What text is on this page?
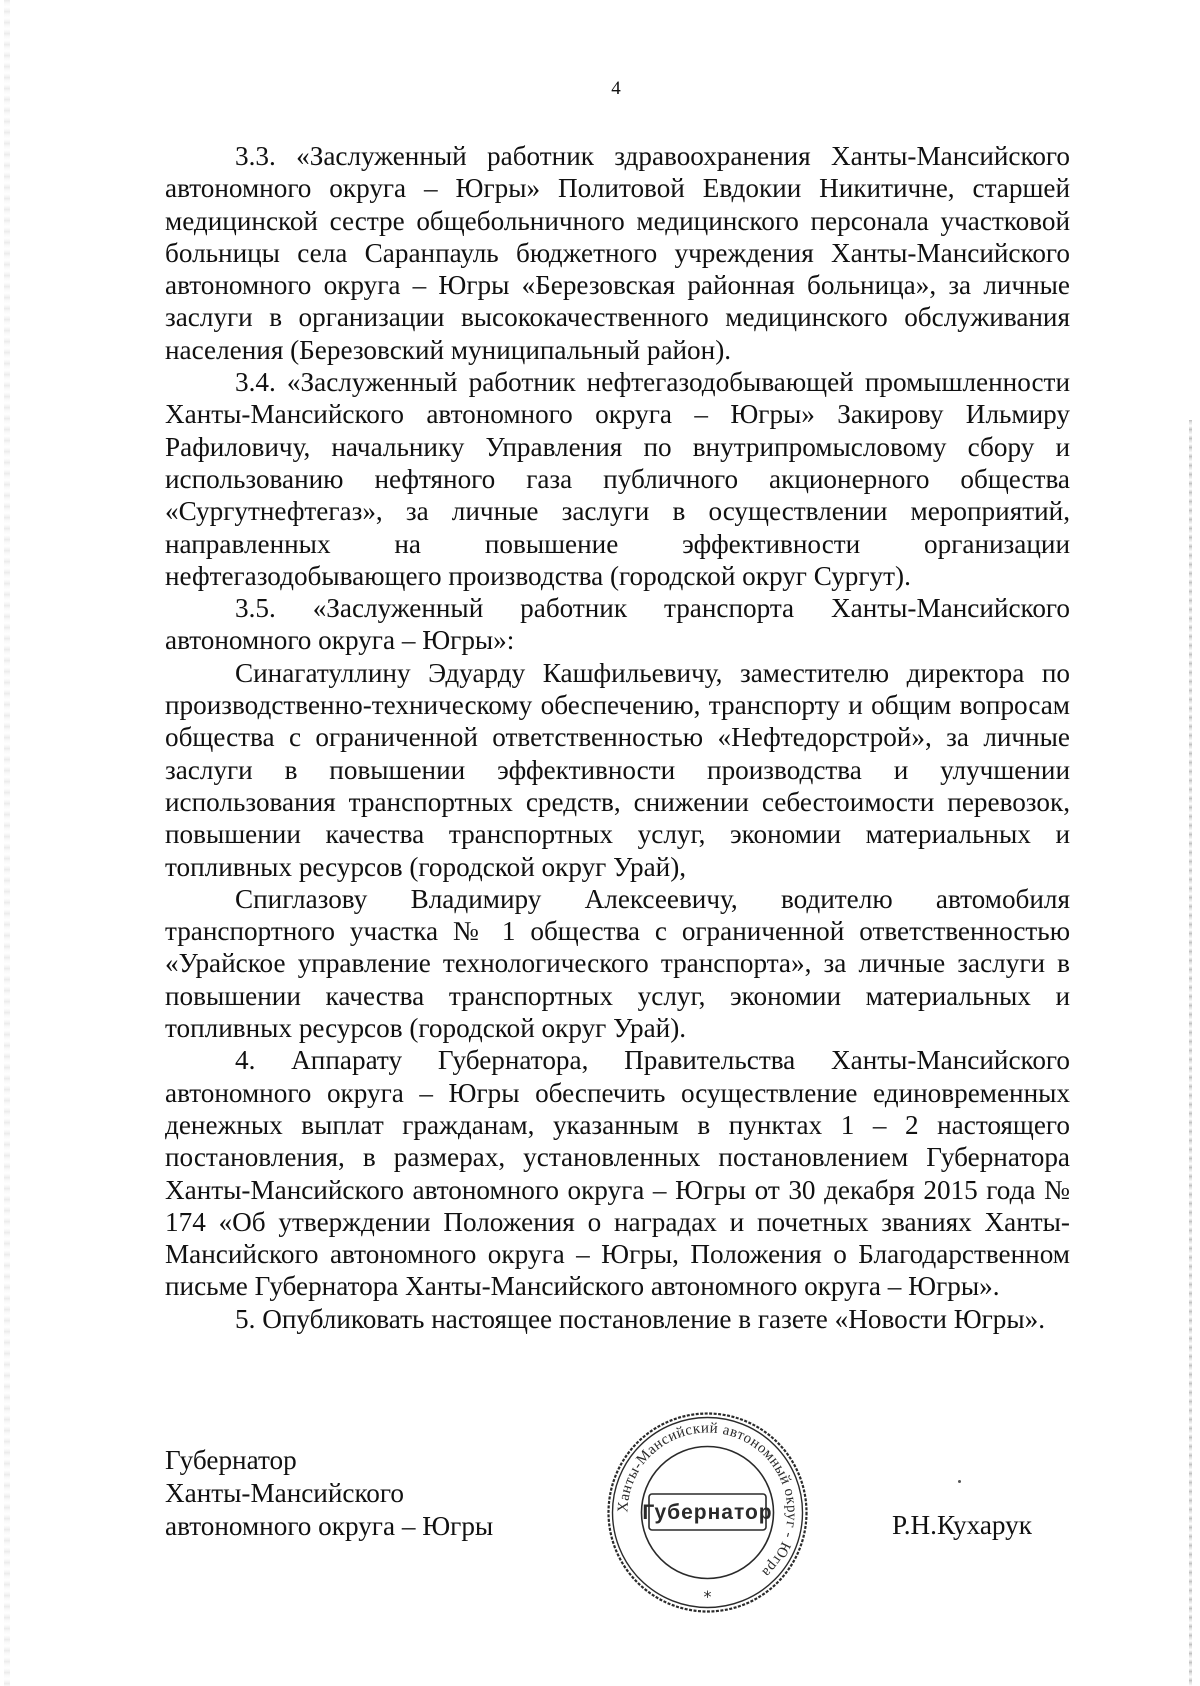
4

3.3. «Заслуженный работник здравоохранения Ханты-Мансийского автономного округа – Югры» Политовой Евдокии Никитичне, старшей медицинской сестре общебольничного медицинского персонала участковой больницы села Саранпауль бюджетного учреждения Ханты-Мансийского автономного округа – Югры «Березовская районная больница», за личные заслуги в организации высококачественного медицинского обслуживания населения (Березовский муниципальный район).

3.4. «Заслуженный работник нефтегазодобывающей промышленности Ханты-Мансийского автономного округа – Югры» Закирову Ильмиру Рафиловичу, начальнику Управления по внутрипромысловому сбору и использованию нефтяного газа публичного акционерного общества «Сургутнефтегаз», за личные заслуги в осуществлении мероприятий, направленных на повышение эффективности организации нефтегазодобывающего производства (городской округ Сургут).

3.5. «Заслуженный работник транспорта Ханты-Мансийского автономного округа – Югры»:

Синагатуллину Эдуарду Кашфильевичу, заместителю директора по производственно-техническому обеспечению, транспорту и общим вопросам общества с ограниченной ответственностью «Нефтедорстрой», за личные заслуги в повышении эффективности производства и улучшении использования транспортных средств, снижении себестоимости перевозок, повышении качества транспортных услуг, экономии материальных и топливных ресурсов (городской округ Урай),

Спиглазову Владимиру Алексеевичу, водителю автомобиля транспортного участка № 1 общества с ограниченной ответственностью «Урайское управление технологического транспорта», за личные заслуги в повышении качества транспортных услуг, экономии материальных и топливных ресурсов (городской округ Урай).

4. Аппарату Губернатора, Правительства Ханты-Мансийского автономного округа – Югры обеспечить осуществление единовременных денежных выплат гражданам, указанным в пунктах 1 – 2 настоящего постановления, в размерах, установленных постановлением Губернатора Ханты-Мансийского автономного округа – Югры от 30 декабря 2015 года № 174 «Об утверждении Положения о наградах и почетных званиях Ханты-Мансийского автономного округа – Югры, Положения о Благодарственном письме Губернатора Ханты-Мансийского автономного округа – Югры».

5. Опубликовать настоящее постановление в газете «Новости Югры».

Губернатор
Ханты-Мансийского
автономного округа – Югры
Ханты-Мансийский автономный округ - Югра
Губернатор
*
Р.Н.Кухарук
